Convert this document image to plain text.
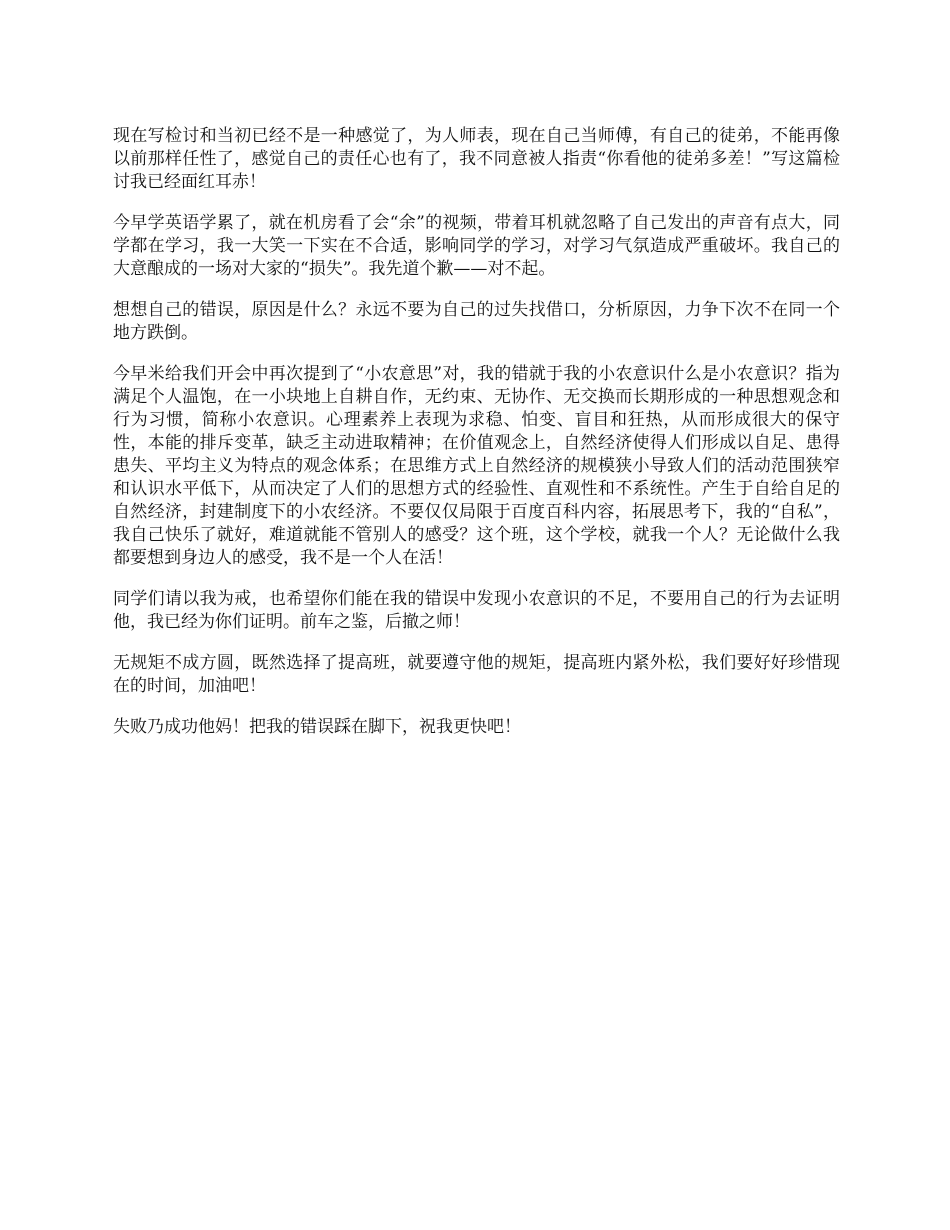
现在写检讨和当初已经不是一种感觉了，为人师表，现在自己当师傅，有自己的徒弟，不能再像以前那样任性了，感觉自己的责任心也有了，我不同意被人指责“你看他的徒弟多差！”写这篇检讨我已经面红耳赤！

今早学英语学累了，就在机房看了会“余”的视频，带着耳机就忽略了自己发出的声音有点大，同学都在学习，我一大笑一下实在不合适，影响同学的学习，对学习气氛造成严重破坏。我自己的大意酿成的一场对大家的“损失”。我先道个歉——对不起。

想想自己的错误，原因是什么？永远不要为自己的过失找借口，分析原因，力争下次不在同一个地方跌倒。

今早米给我们开会中再次提到了“小农意思”对，我的错就于我的小农意识什么是小农意识？指为满足个人温饱，在一小块地上自耕自作，无约束、无协作、无交换而长期形成的一种思想观念和行为习惯，简称小农意识。心理素养上表现为求稳、怕变、盲目和狂热，从而形成很大的保守性，本能的排斥变革，缺乏主动进取精神；在价值观念上，自然经济使得人们形成以自足、患得患失、平均主义为特点的观念体系；在思维方式上自然经济的规模狭小导致人们的活动范围狭窄和认识水平低下，从而决定了人们的思想方式的经验性、直观性和不系统性。产生于自给自足的自然经济，封建制度下的小农经济。不要仅仅局限于百度百科内容，拓展思考下，我的“自私”，我自己快乐了就好，难道就能不管别人的感受？这个班，这个学校，就我一个人？无论做什么我都要想到身边人的感受，我不是一个人在活！

同学们请以我为戒，也希望你们能在我的错误中发现小农意识的不足，不要用自己的行为去证明他，我已经为你们证明。前车之鉴，后撤之师！

无规矩不成方圆，既然选择了提高班，就要遵守他的规矩，提高班内紧外松，我们要好好珍惜现在的时间，加油吧！

失败乃成功他妈！把我的错误踩在脚下，祝我更快吧！
